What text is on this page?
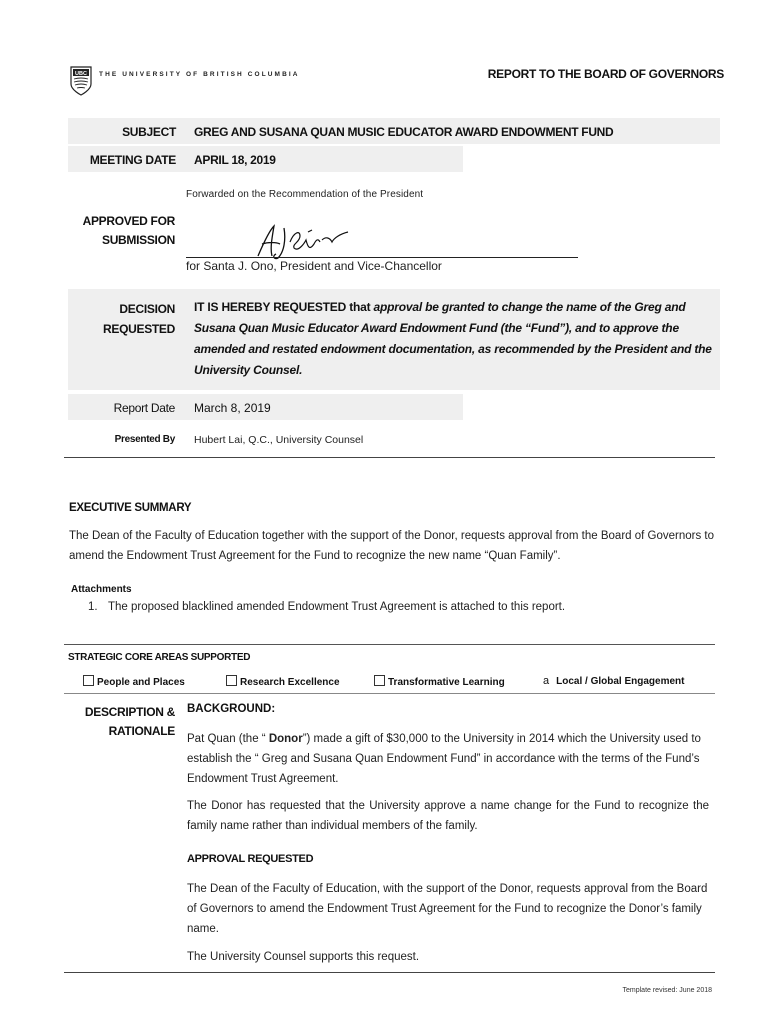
UBC THE UNIVERSITY OF BRITISH COLUMBIA	REPORT TO THE BOARD OF GOVERNORS
SUBJECT GREG AND SUSANA QUAN MUSIC EDUCATOR AWARD ENDOWMENT FUND
MEETING DATE APRIL 18, 2019
Forwarded on the Recommendation of the President
APPROVED FOR SUBMISSION
for Santa J. Ono, President and Vice-Chancellor
DECISION REQUESTED
IT IS HEREBY REQUESTED that approval be granted to change the name of the Greg and Susana Quan Music Educator Award Endowment Fund (the “Fund”), and to approve the amended and restated endowment documentation, as recommended by the President and the University Counsel.
Report Date March 8, 2019
Presented By Hubert Lai, Q.C., University Counsel
EXECUTIVE SUMMARY
The Dean of the Faculty of Education together with the support of the Donor, requests approval from the Board of Governors to amend the Endowment Trust Agreement for the Fund to recognize the new name “Quan Family”.
Attachments
1. The proposed blacklined amended Endowment Trust Agreement is attached to this report.
STRATEGIC CORE AREAS SUPPORTED
People and Places	Research Excellence	Transformative Learning	a Local / Global Engagement
DESCRIPTION & RATIONALE
BACKGROUND:
Pat Quan (the “ Donor”) made a gift of $30,000 to the University in 2014 which the University used to establish the “ Greg and Susana Quan Endowment Fund” in accordance with the terms of the Fund’s Endowment Trust Agreement.
The Donor has requested that the University approve a name change for the Fund to recognize the family name rather than individual members of the family.
APPROVAL REQUESTED
The Dean of the Faculty of Education, with the support of the Donor, requests approval from the Board of Governors to amend the Endowment Trust Agreement for the Fund to recognize the Donor’s family name.
The University Counsel supports this request.
Template revised: June 2018
